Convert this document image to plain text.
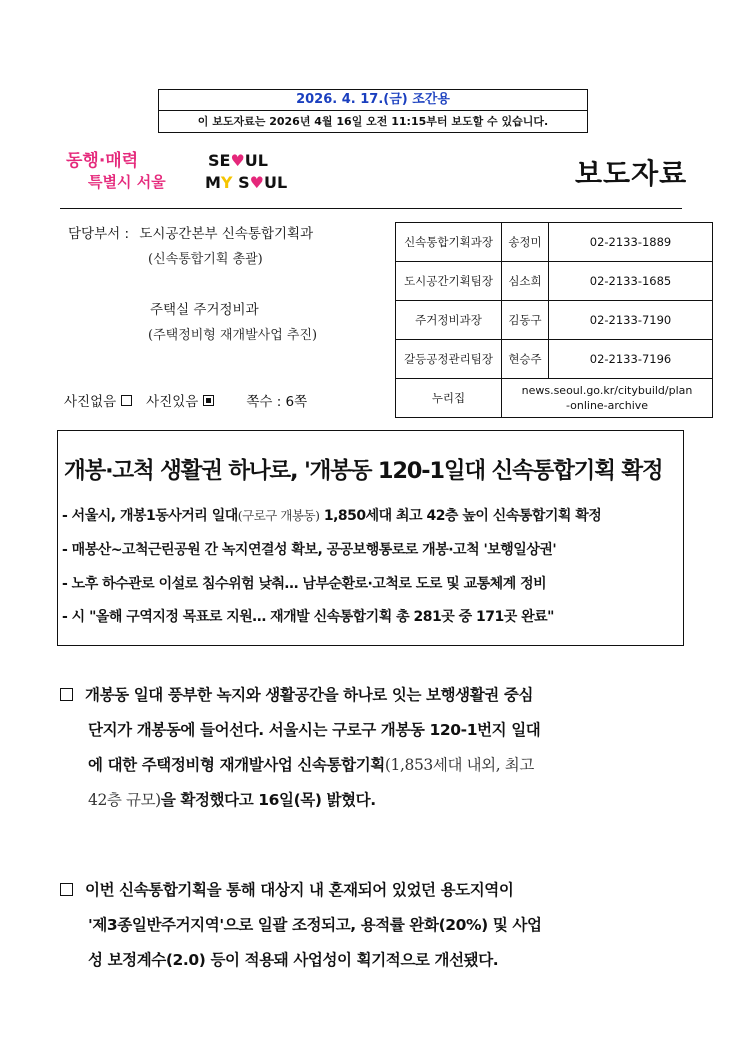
2026. 4. 17.(금) 조간용
이 보도자료는 2026년 4월 16일 오전 11:15부터 보도할 수 있습니다.
동행·매력
특별시 서울
SE♥UL
MY S♥UL	보도자료
담당부서 : 도시공간본부 신속통합기획과
(신속통합기획 총괄)
주택실 주거정비과
(주택정비형 재개발사업 추진)
신속통합기획과장	송정미	02-2133-1889
도시공간기획팀장	심소희	02-2133-1685
주거정비과장	김동구	02-2133-7190
갈등공정관리팀장	현승주	02-2133-7196
누리집	news.seoul.go.kr/citybuild/plan
-online-archive	
사진없음 사진있음	쪽수 : 6쪽
개봉·고척 생활권 하나로, '개봉동 120-1일대 신속통합기획 확정
- 서울시, 개봉1동사거리 일대(구로구 개봉동) 1,850세대 최고 42층 높이 신속통합기획 확정
- 매봉산~고척근린공원 간 녹지연결성 확보, 공공보행통로로 개봉·고척 '보행일상권'
- 노후 하수관로 이설로 침수위험 낮춰… 남부순환로·고척로 도로 및 교통체계 정비
- 시 "올해 구역지정 목표로 지원… 재개발 신속통합기획 총 281곳 중 171곳 완료"
개봉동 일대 풍부한 녹지와 생활공간을 하나로 잇는 보행생활권 중심
단지가 개봉동에 들어선다. 서울시는 구로구 개봉동 120-1번지 일대
에 대한 주택정비형 재개발사업 신속통합기획(1,853세대 내외, 최고
42층 규모)을 확정했다고 16일(목) 밝혔다.
이번 신속통합기획을 통해 대상지 내 혼재되어 있었던 용도지역이
'제3종일반주거지역'으로 일괄 조정되고, 용적률 완화(20%) 및 사업
성 보정계수(2.0) 등이 적용돼 사업성이 획기적으로 개선됐다.
